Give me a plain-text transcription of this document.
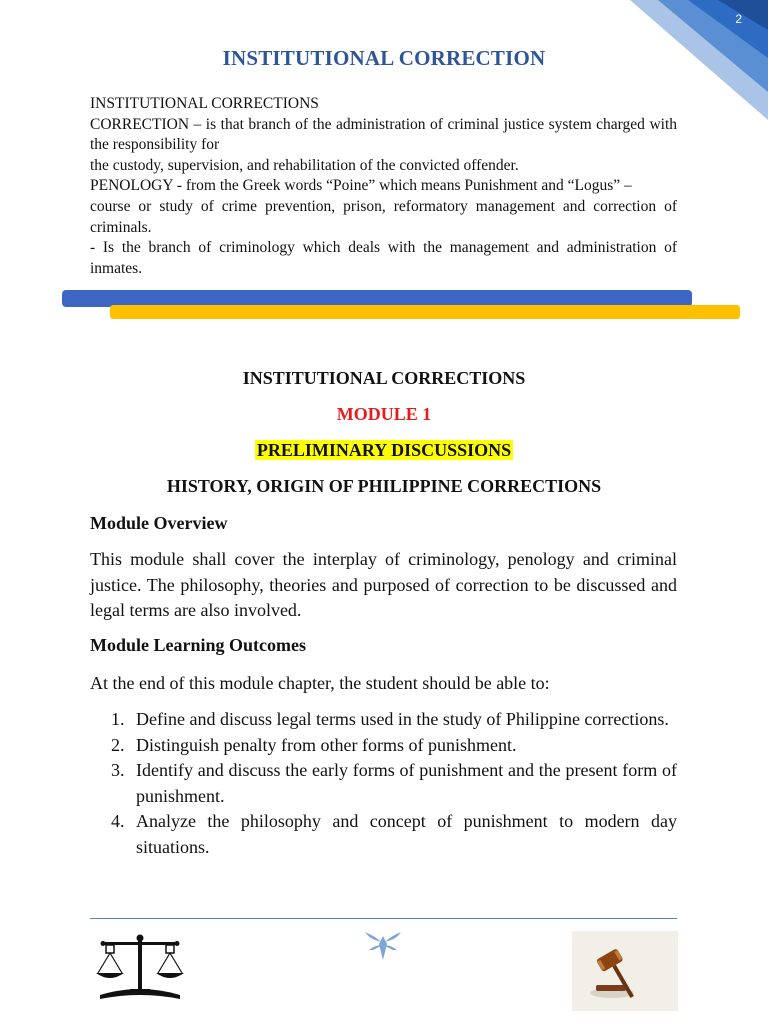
2
INSTITUTIONAL CORRECTION
INSTITUTIONAL CORRECTIONS
CORRECTION – is that branch of the administration of criminal justice system charged with the responsibility for
the custody, supervision, and rehabilitation of the convicted offender.
PENOLOGY - from the Greek words “Poine” which means Punishment and “Logus” –
course or study of crime prevention, prison, reformatory management and correction of criminals.
- Is the branch of criminology which deals with the management and administration of inmates.
INSTITUTIONAL CORRECTIONS
MODULE 1
PRELIMINARY DISCUSSIONS
HISTORY, ORIGIN OF PHILIPPINE CORRECTIONS
Module Overview
This module shall cover the interplay of criminology, penology and criminal justice. The philosophy, theories and purposed of correction to be discussed and legal terms are also involved.
Module Learning Outcomes
At the end of this module chapter, the student should be able to:
1. Define and discuss legal terms used in the study of Philippine corrections.
2. Distinguish penalty from other forms of punishment.
3. Identify and discuss the early forms of punishment and the present form of punishment.
4. Analyze the philosophy and concept of punishment to modern day situations.
